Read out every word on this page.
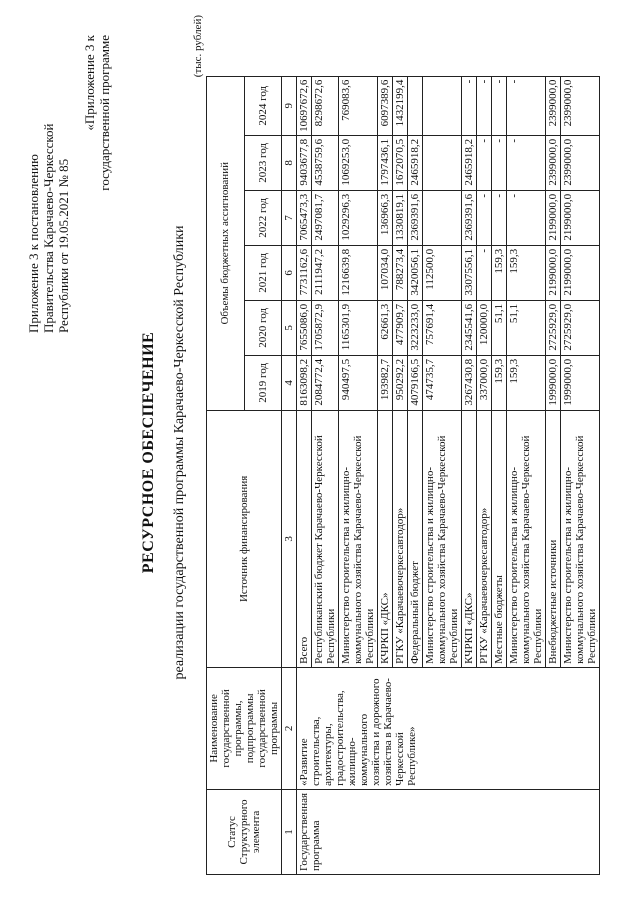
Приложение 3 к постановлению Правительства Карачаево-Черкесской Республики от 19.05.2021 № 85
«Приложение 3 к государственной программе
РЕСУРСНОЕ ОБЕСПЕЧЕНИЕ реализации государственной программы Карачаево-Черкесской Республики
(тыс. рублей)
Статус Структурного элемента	Наименование государственной программы, подпрограммы государственной программы	Источник финансирования	Объемы бюджетных ассигнований					
			2019 год	2020 год	2021 год	2022 год	2023 год	2024 год
1	2	3	4	5	6	7	8	9
Государственная программа	«Развитие строительства, архитектуры, градостроительства, жилищно-коммунального хозяйства и дорожного хозяйства в Карачаево-Черкесской Республике»	Всего	8163098,2	7655086,0	7731162,6	7065473,3	9403677,8	10697672,6
		Республиканский бюджет Карачаево-Черкесской Республики	2084772,4	1705872,9	2111947,2	2497081,7	4538759,6	8298672,6
		Министерство строительства и жилищно-коммунального хозяйства Карачаево-Черкесской Республики	940497,5	1165301,9	1216639,8	1029296,3	1069253,0	769083,6
		КЧРКП «ДКС»	193982,7	62661,3	107034,0	136966,3	1797436,1	6097389,6
		РГКУ «Карачаевочеркесавтодор»	950292,2	477909,7	788273,4	1330819,1	1672070,5	1432199,4
		Федеральный бюджет	4079166,5	3223233,0	3420056,1	2369391,6	2465918,2	
		Министерство строительства и жилищно-коммунального хозяйства Карачаево-Черкесской Республики	474735,7	757691,4	112500,0			
		КЧРКП «ДКС»	3267430,8	2345541,6	3307556,1	2369391,6	2465918,2	-
		РГКУ «Карачаевочеркесавтодор»	337000,0	120000,0	-	-	-	-
		Местные бюджеты	159,3	51,1	159,3	-	-	-
		Министерство строительства и жилищно-коммунального хозяйства Карачаево-Черкесской Республики	159,3	51,1	159,3	-	-	-
		Внебюджетные источники	1999000,0	2725929,0	2199000,0	2199000,0	2399000,0	2399000,0
		Министерство строительства и жилищно-коммунального хозяйства Карачаево-Черкесской Республики	1999000,0	2725929,0	2199000,0	2199000,0	2399000,0	2399000,0
